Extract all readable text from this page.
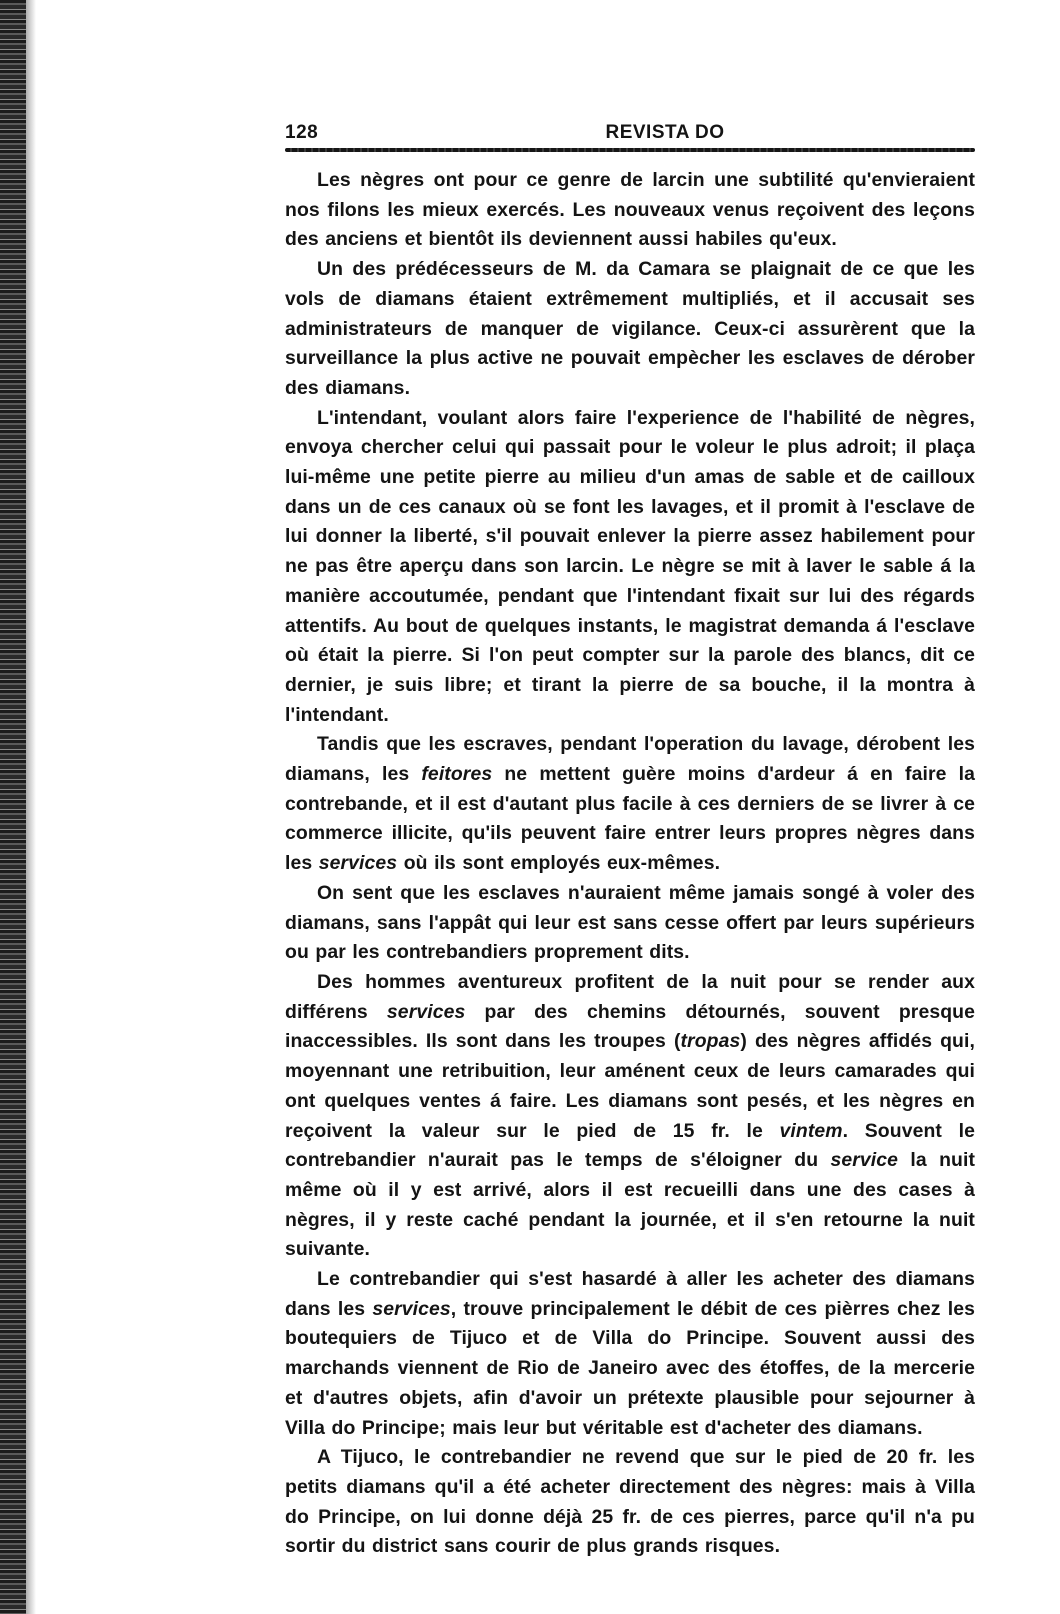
128	REVISTA DO

Les nègres ont pour ce genre de larcin une subtilité qu'envieraient nos filons les mieux exercés. Les nouveaux venus reçoivent des leçons des anciens et bientôt ils deviennent aussi habiles qu'eux.

Un des prédécesseurs de M. da Camara se plaignait de ce que les vols de diamans étaient extrêmement multipliés, et il accusait ses administrateurs de manquer de vigilance. Ceux-ci assurèrent que la surveillance la plus active ne pouvait empècher les esclaves de dérober des diamans.

L'intendant, voulant alors faire l'experience de l'habilité de nègres, envoya chercher celui qui passait pour le voleur le plus adroit; il plaça lui-même une petite pierre au milieu d'un amas de sable et de cailloux dans un de ces canaux où se font les lavages, et il promit à l'esclave de lui donner la liberté, s'il pouvait enlever la pierre assez habilement pour ne pas être aperçu dans son larcin. Le nègre se mit à laver le sable á la manière accoutumée, pendant que l'intendant fixait sur lui des régards attentifs. Au bout de quelques instants, le magistrat demanda á l'esclave où était la pierre. Si l'on peut compter sur la parole des blancs, dit ce dernier, je suis libre; et tirant la pierre de sa bouche, il la montra à l'intendant.

Tandis que les escraves, pendant l'operation du lavage, dérobent les diamans, les feitores ne mettent guère moins d'ardeur á en faire la contrebande, et il est d'autant plus facile à ces derniers de se livrer à ce commerce illicite, qu'ils peuvent faire entrer leurs propres nègres dans les services où ils sont employés eux-mêmes.

On sent que les esclaves n'auraient même jamais songé à voler des diamans, sans l'appât qui leur est sans cesse offert par leurs supérieurs ou par les contrebandiers proprement dits.

Des hommes aventureux profitent de la nuit pour se render aux différens services par des chemins détournés, souvent presque inaccessibles. Ils sont dans les troupes (tropas) des nègres affidés qui, moyennant une retribuition, leur aménent ceux de leurs camarades qui ont quelques ventes á faire. Les diamans sont pesés, et les nègres en reçoivent la valeur sur le pied de 15 fr. le vintem. Souvent le contrebandier n'aurait pas le temps de s'éloigner du service la nuit même où il y est arrivé, alors il est recueilli dans une des cases à nègres, il y reste caché pendant la journée, et il s'en retourne la nuit suivante.

Le contrebandier qui s'est hasardé à aller les acheter des diamans dans les services, trouve principalement le débit de ces pièrres chez les boutequiers de Tijuco et de Villa do Principe. Souvent aussi des marchands viennent de Rio de Janeiro avec des étoffes, de la mercerie et d'autres objets, afin d'avoir un prétexte plausible pour sejourner à Villa do Principe; mais leur but véritable est d'acheter des diamans.

A Tijuco, le contrebandier ne revend que sur le pied de 20 fr. les petits diamans qu'il a été acheter directement des nègres: mais à Villa do Principe, on lui donne déjà 25 fr. de ces pierres, parce qu'il n'a pu sortir du district sans courir de plus grands risques.
